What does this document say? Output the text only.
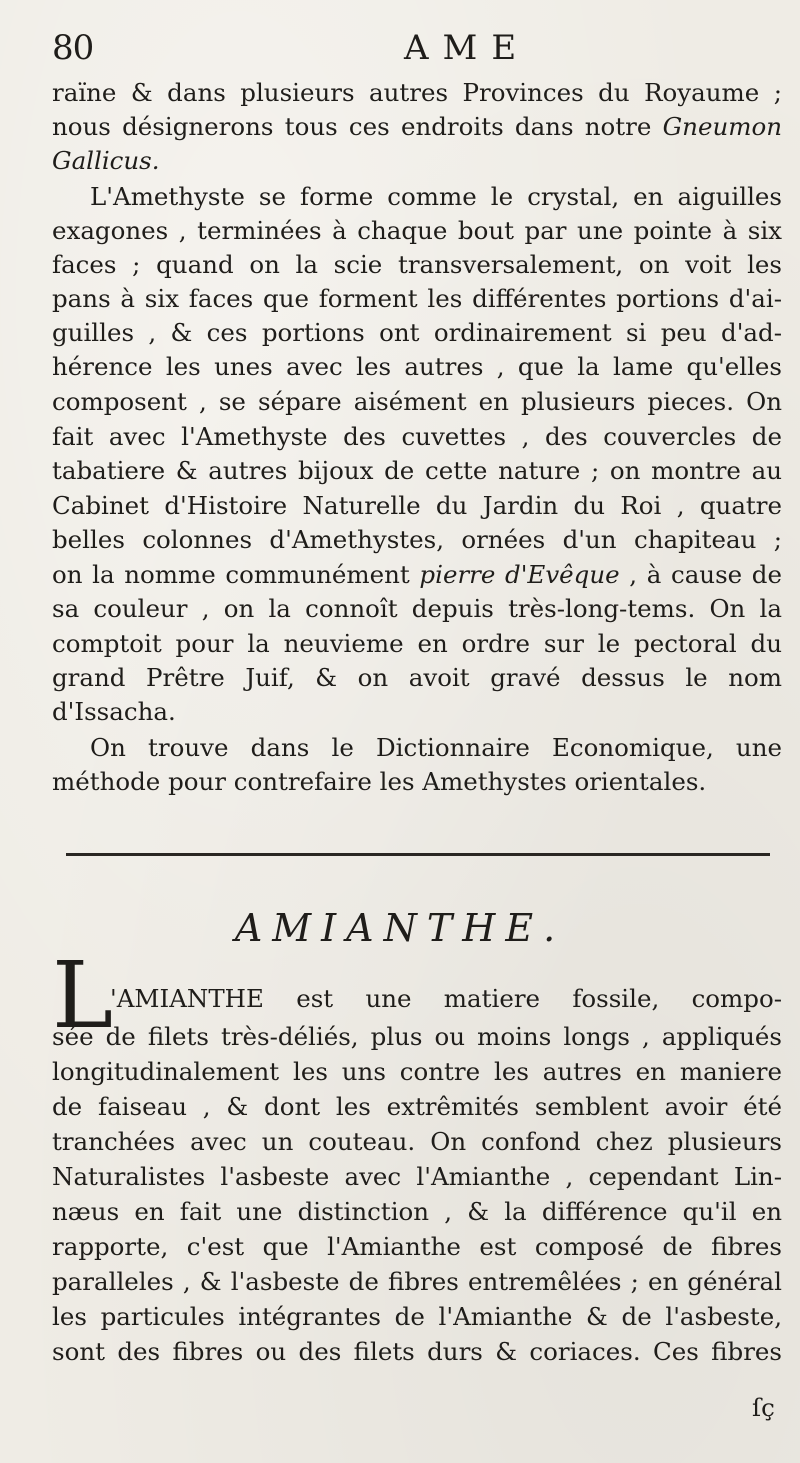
80	AME
raïne & dans plusieurs autres Provinces du Royaume ;
nous désignerons tous ces endroits dans notre Gneumon
Gallicus.
L'Amethyste se forme comme le crystal, en aiguilles
exagones , terminées à chaque bout par une pointe à six
faces ; quand on la scie transversalement, on voit les
pans à six faces que forment les différentes portions d'ai-
guilles , & ces portions ont ordinairement si peu d'ad-
hérence les unes avec les autres , que la lame qu'elles
composent , se sépare aisément en plusieurs pieces. On
fait avec l'Amethyste des cuvettes , des couvercles de
tabatiere & autres bijoux de cette nature ; on montre au
Cabinet d'Histoire Naturelle du Jardin du Roi , quatre
belles colonnes d'Amethystes, ornées d'un chapiteau ;
on la nomme communément pierre d'Evêque , à cause de
sa couleur , on la connoît depuis très-long-tems. On la
comptoit pour la neuvieme en ordre sur le pectoral du
grand Prêtre Juif, & on avoit gravé dessus le nom
d'Issacha.
On trouve dans le Dictionnaire Economique, une
méthode pour contrefaire les Amethystes orientales.
AMIANTHE.
L
'AMIANTHE est une matiere fossile, compo-
sée de filets très-déliés, plus ou moins longs , appliqués
longitudinalement les uns contre les autres en maniere
de faiseau , & dont les extrêmités semblent avoir été
tranchées avec un couteau. On confond chez plusieurs
Naturalistes l'asbeste avec l'Amianthe , cependant Lin-
næus en fait une distinction , & la différence qu'il en
rapporte, c'est que l'Amianthe est composé de fibres
paralleles , & l'asbeste de fibres entremêlées ; en général
les particules intégrantes de l'Amianthe & de l'asbeste,
sont des fibres ou des filets durs & coriaces. Ces fibres
ſç
